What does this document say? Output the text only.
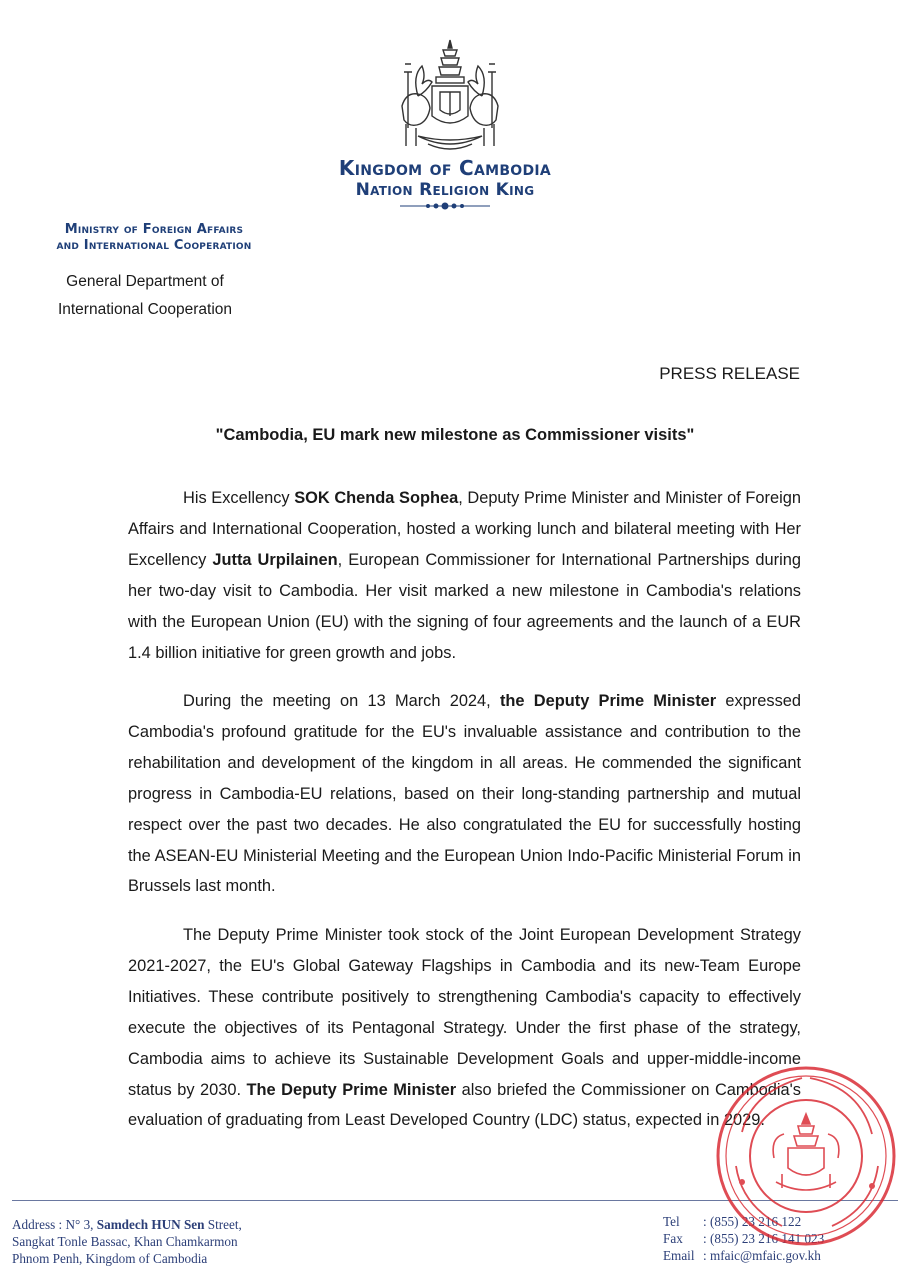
Kingdom of Cambodia
Nation Religion King
Ministry of Foreign Affairs
and International Cooperation
General Department of
International Cooperation
PRESS RELEASE
"Cambodia, EU mark new milestone as Commissioner visits"

His Excellency SOK Chenda Sophea, Deputy Prime Minister and Minister of Foreign Affairs and International Cooperation, hosted a working lunch and bilateral meeting with Her Excellency Jutta Urpilainen, European Commissioner for International Partnerships during her two-day visit to Cambodia. Her visit marked a new milestone in Cambodia's relations with the European Union (EU) with the signing of four agreements and the launch of a EUR 1.4 billion initiative for green growth and jobs.

During the meeting on 13 March 2024, the Deputy Prime Minister expressed Cambodia's profound gratitude for the EU's invaluable assistance and contribution to the rehabilitation and development of the kingdom in all areas. He commended the significant progress in Cambodia-EU relations, based on their long-standing partnership and mutual respect over the past two decades. He also congratulated the EU for successfully hosting the ASEAN-EU Ministerial Meeting and the European Union Indo-Pacific Ministerial Forum in Brussels last month.

The Deputy Prime Minister took stock of the Joint European Development Strategy 2021-2027, the EU's Global Gateway Flagships in Cambodia and its new-Team Europe Initiatives. These contribute positively to strengthening Cambodia's capacity to effectively execute the objectives of its Pentagonal Strategy. Under the first phase of the strategy, Cambodia aims to achieve its Sustainable Development Goals and upper-middle-income status by 2030. The Deputy Prime Minister also briefed the Commissioner on Cambodia's evaluation of graduating from Least Developed Country (LDC) status, expected in 2029.

Address : N° 3, Samdech HUN Sen Street,
Sangkat Tonle Bassac, Khan Chamkarmon
Phnom Penh, Kingdom of Cambodia
Tel : (855) 23 216 122
Fax : (855) 23 216 141 023
Email : mfaic@mfaic.gov.kh
